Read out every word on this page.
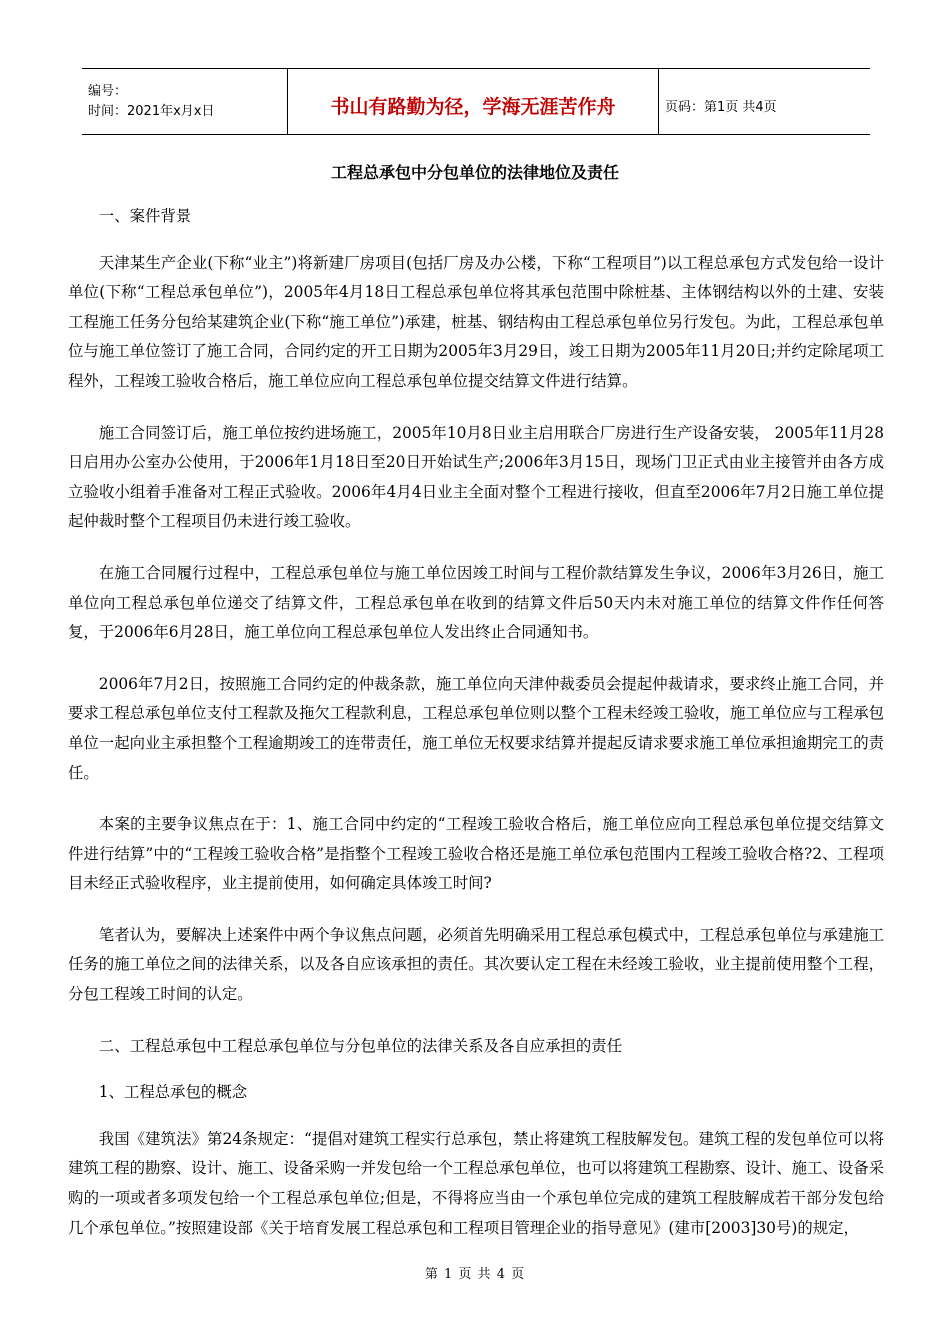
编号：
时间：2021年x月x日	书山有路勤为径，学海无涯苦作舟	页码：第1页 共4页
工程总承包中分包单位的法律地位及责任

一、案件背景

天津某生产企业(下称“业主”)将新建厂房项目(包括厂房及办公楼，下称“工程项目”)以工程总承包方式发包给一设计单位(下称“工程总承包单位”)，2005年4月18日工程总承包单位将其承包范围中除桩基、主体钢结构以外的土建、安装工程施工任务分包给某建筑企业(下称“施工单位”)承建，桩基、钢结构由工程总承包单位另行发包。为此，工程总承包单位与施工单位签订了施工合同，合同约定的开工日期为2005年3月29日，竣工日期为2005年11月20日;并约定除尾项工程外，工程竣工验收合格后，施工单位应向工程总承包单位提交结算文件进行结算。

施工合同签订后，施工单位按约进场施工，2005年10月8日业主启用联合厂房进行生产设备安装， 2005年11月28日启用办公室办公使用，于2006年1月18日至20日开始试生产;2006年3月15日，现场门卫正式由业主接管并由各方成立验收小组着手准备对工程正式验收。2006年4月4日业主全面对整个工程进行接收，但直至2006年7月2日施工单位提起仲裁时整个工程项目仍未进行竣工验收。

在施工合同履行过程中，工程总承包单位与施工单位因竣工时间与工程价款结算发生争议，2006年3月26日，施工单位向工程总承包单位递交了结算文件，工程总承包单在收到的结算文件后50天内未对施工单位的结算文件作任何答复，于2006年6月28日，施工单位向工程总承包单位人发出终止合同通知书。

2006年7月2日，按照施工合同约定的仲裁条款，施工单位向天津仲裁委员会提起仲裁请求，要求终止施工合同，并要求工程总承包单位支付工程款及拖欠工程款利息，工程总承包单位则以整个工程未经竣工验收，施工单位应与工程承包单位一起向业主承担整个工程逾期竣工的连带责任，施工单位无权要求结算并提起反请求要求施工单位承担逾期完工的责任。

本案的主要争议焦点在于：1、施工合同中约定的“工程竣工验收合格后，施工单位应向工程总承包单位提交结算文件进行结算”中的“工程竣工验收合格”是指整个工程竣工验收合格还是施工单位承包范围内工程竣工验收合格?2、工程项目未经正式验收程序，业主提前使用，如何确定具体竣工时间?

笔者认为，要解决上述案件中两个争议焦点问题，必须首先明确采用工程总承包模式中，工程总承包单位与承建施工任务的施工单位之间的法律关系，以及各自应该承担的责任。其次要认定工程在未经竣工验收，业主提前使用整个工程，分包工程竣工时间的认定。

二、工程总承包中工程总承包单位与分包单位的法律关系及各自应承担的责任

1、工程总承包的概念

我国《建筑法》第24条规定：“提倡对建筑工程实行总承包，禁止将建筑工程肢解发包。建筑工程的发包单位可以将建筑工程的勘察、设计、施工、设备采购一并发包给一个工程总承包单位，也可以将建筑工程勘察、设计、施工、设备采购的一项或者多项发包给一个工程总承包单位;但是，不得将应当由一个承包单位完成的建筑工程肢解成若干部分发包给几个承包单位。”按照建设部《关于培育发展工程总承包和工程项目管理企业的指导意见》(建市[2003]30号)的规定，

第 1 页 共 4 页
